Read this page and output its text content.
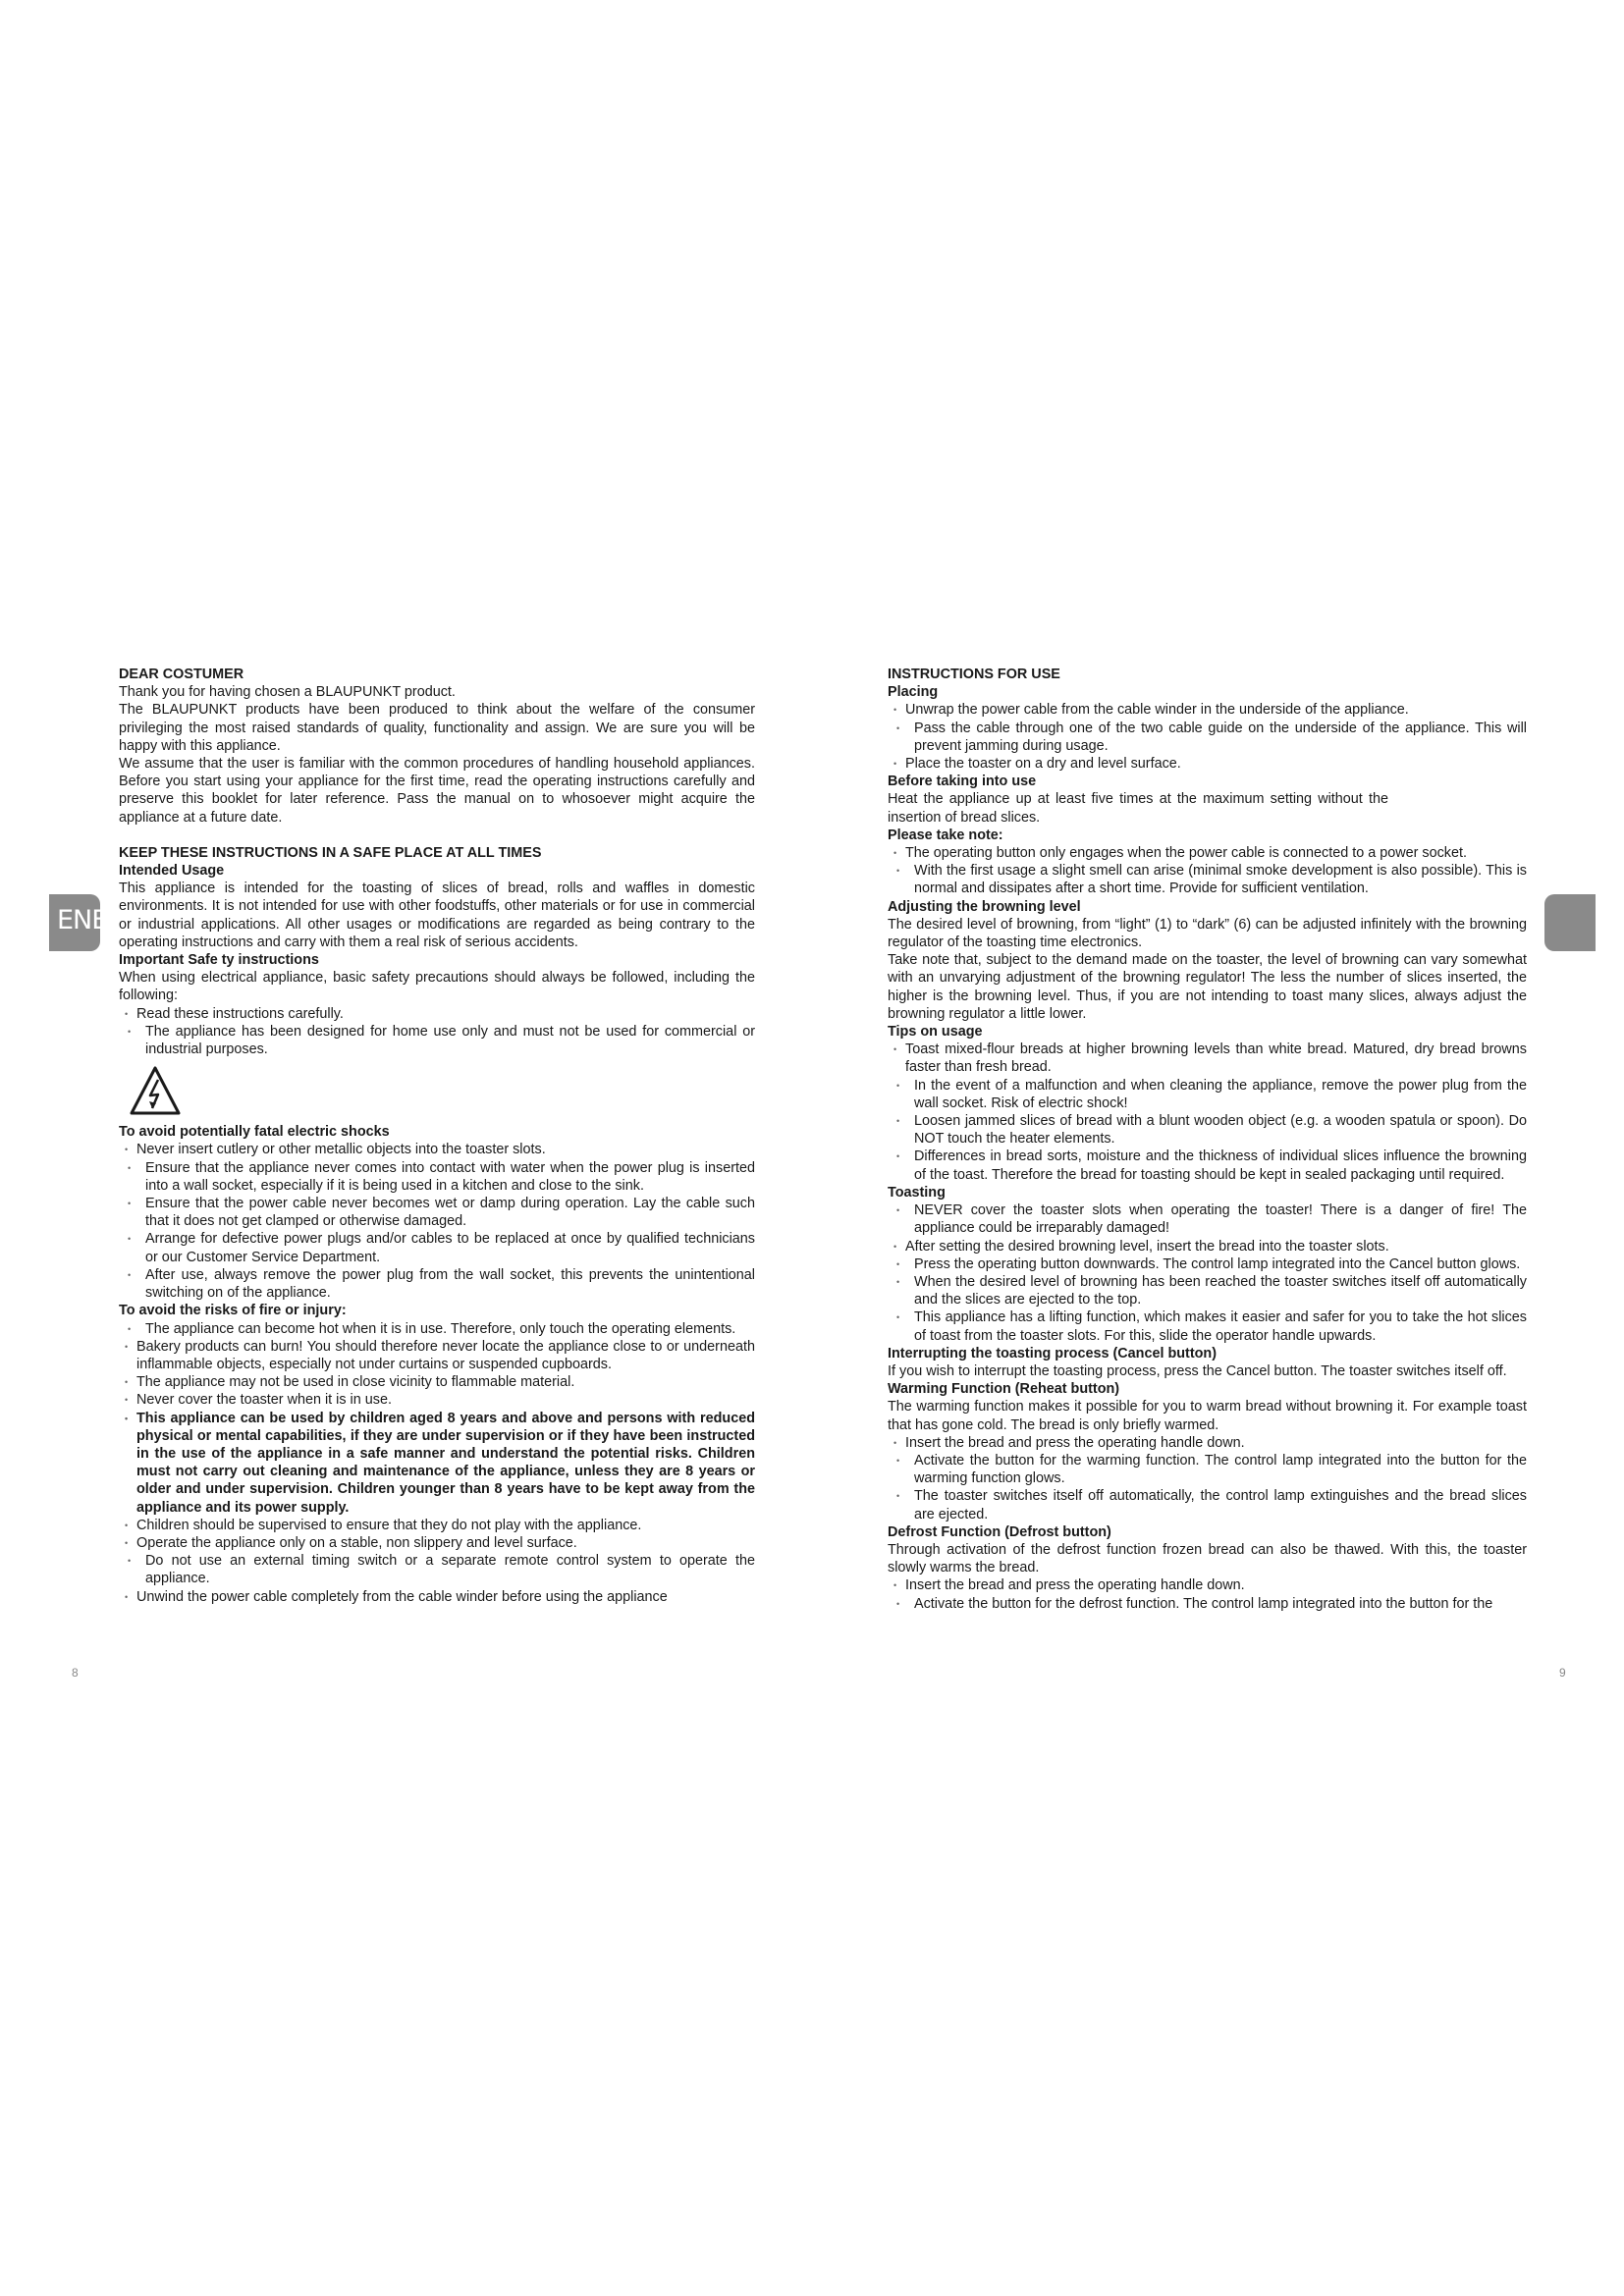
ENE

DEAR COSTUMER

Thank you for having chosen a BLAUPUNKT product.

The BLAUPUNKT products have been produced to think about the welfare of the consumer privileging the most raised standards of quality, functionality and assign. We are sure you will be happy with this appliance.

We assume that the user is familiar with the common procedures of handling household appliances. Before you start using your appliance for the first time, read the operating instructions carefully and preserve this booklet for later reference. Pass the manual on to whosoever might acquire the appliance at a future date.

KEEP THESE INSTRUCTIONS IN A SAFE PLACE AT ALL TIMES

Intended Usage

This appliance is intended for the toasting of slices of bread, rolls and waffles in domestic environments. It is not intended for use with other foodstuffs, other materials or for use in commercial or industrial applications. All other usages or modifications are regarded as being contrary to the operating instructions and carry with them a real risk of serious accidents.

Important Safe ty instructions

When using electrical appliance, basic safety precautions should always be followed, including the following:

• Read these instructions carefully.
• The appliance has been designed for home use only and must not be used for commercial or industrial purposes.

To avoid potentially fatal electric shocks

• Never insert cutlery or other metallic objects into the toaster slots.
• Ensure that the appliance never comes into contact with water when the power plug is inserted into a wall socket, especially if it is being used in a kitchen and close to the sink.
• Ensure that the power cable never becomes wet or damp during operation. Lay the cable such that it does not get clamped or otherwise damaged.
• Arrange for defective power plugs and/or cables to be replaced at once by qualified technicians or our Customer Service Department.
• After use, always remove the power plug from the wall socket, this prevents the unintentional switching on of the appliance.

To avoid the risks of fire or injury:

• The appliance can become hot when it is in use. Therefore, only touch the operating elements.
• Bakery products can burn! You should therefore never locate the appliance close to or underneath inflammable objects, especially not under curtains or suspended cupboards.
• The appliance may not be used in close vicinity to flammable material.
• Never cover the toaster when it is in use.
• This appliance can be used by children aged 8 years and above and persons with reduced physical or mental capabilities, if they are under supervision or if they have been instructed in the use of the appliance in a safe manner and understand the potential risks. Children must not carry out cleaning and maintenance of the appliance, unless they are 8 years or older and under supervision. Children younger than 8 years have to be kept away from the appliance and its power supply.
• Children should be supervised to ensure that they do not play with the appliance.
• Operate the appliance only on a stable, non slippery and level surface.
• Do not use an external timing switch or a separate remote control system to operate the appliance.
• Unwind the power cable completely from the cable winder before using the appliance

INSTRUCTIONS FOR USE

Placing

• Unwrap the power cable from the cable winder in the underside of the appliance.
• Pass the cable through one of the two cable guide on the underside of the appliance. This will prevent jamming during usage.
• Place the toaster on a dry and level surface.

Before taking into use

Heat the appliance up at least five times at the maximum setting without the insertion of bread slices.

Please take note:

• The operating button only engages when the power cable is connected to a power socket.
• With the first usage a slight smell can arise (minimal smoke development is also possible). This is normal and dissipates after a short time. Provide for sufficient ventilation.

Adjusting the browning level

The desired level of browning, from “light” (1) to “dark” (6) can be adjusted infinitely with the browning regulator of the toasting time electronics.

Take note that, subject to the demand made on the toaster, the level of browning can vary somewhat with an unvarying adjustment of the browning regulator! The less the number of slices inserted, the higher is the browning level. Thus, if you are not intending to toast many slices, always adjust the browning regulator a little lower.

Tips on usage

• Toast mixed-flour breads at higher browning levels than white bread. Matured, dry bread browns faster than fresh bread.
• In the event of a malfunction and when cleaning the appliance, remove the power plug from the wall socket. Risk of electric shock!
• Loosen jammed slices of bread with a blunt wooden object (e.g. a wooden spatula or spoon). Do NOT touch the heater elements.
• Differences in bread sorts, moisture and the thickness of individual slices influence the browning of the toast. Therefore the bread for toasting should be kept in sealed packaging until required.

Toasting

• NEVER cover the toaster slots when operating the toaster! There is a danger of fire! The appliance could be irreparably damaged!
• After setting the desired browning level, insert the bread into the toaster slots.
• Press the operating button downwards. The control lamp integrated into the Cancel button glows.
• When the desired level of browning has been reached the toaster switches itself off automatically and the slices are ejected to the top.
• This appliance has a lifting function, which makes it easier and safer for you to take the hot slices of toast from the toaster slots. For this, slide the operator handle upwards.

Interrupting the toasting process (Cancel button)

If you wish to interrupt the toasting process, press the Cancel button. The toaster switches itself off.

Warming Function (Reheat button)

The warming function makes it possible for you to warm bread without browning it. For example toast that has gone cold. The bread is only briefly warmed.

• Insert the bread and press the operating handle down.
• Activate the button for the warming function. The control lamp integrated into the button for the warming function glows.
• The toaster switches itself off automatically, the control lamp extinguishes and the bread slices are ejected.

Defrost Function (Defrost button)

Through activation of the defrost function frozen bread can also be thawed. With this, the toaster slowly warms the bread.

• Insert the bread and press the operating handle down.
• Activate the button for the defrost function. The control lamp integrated into the button for the
8	9
